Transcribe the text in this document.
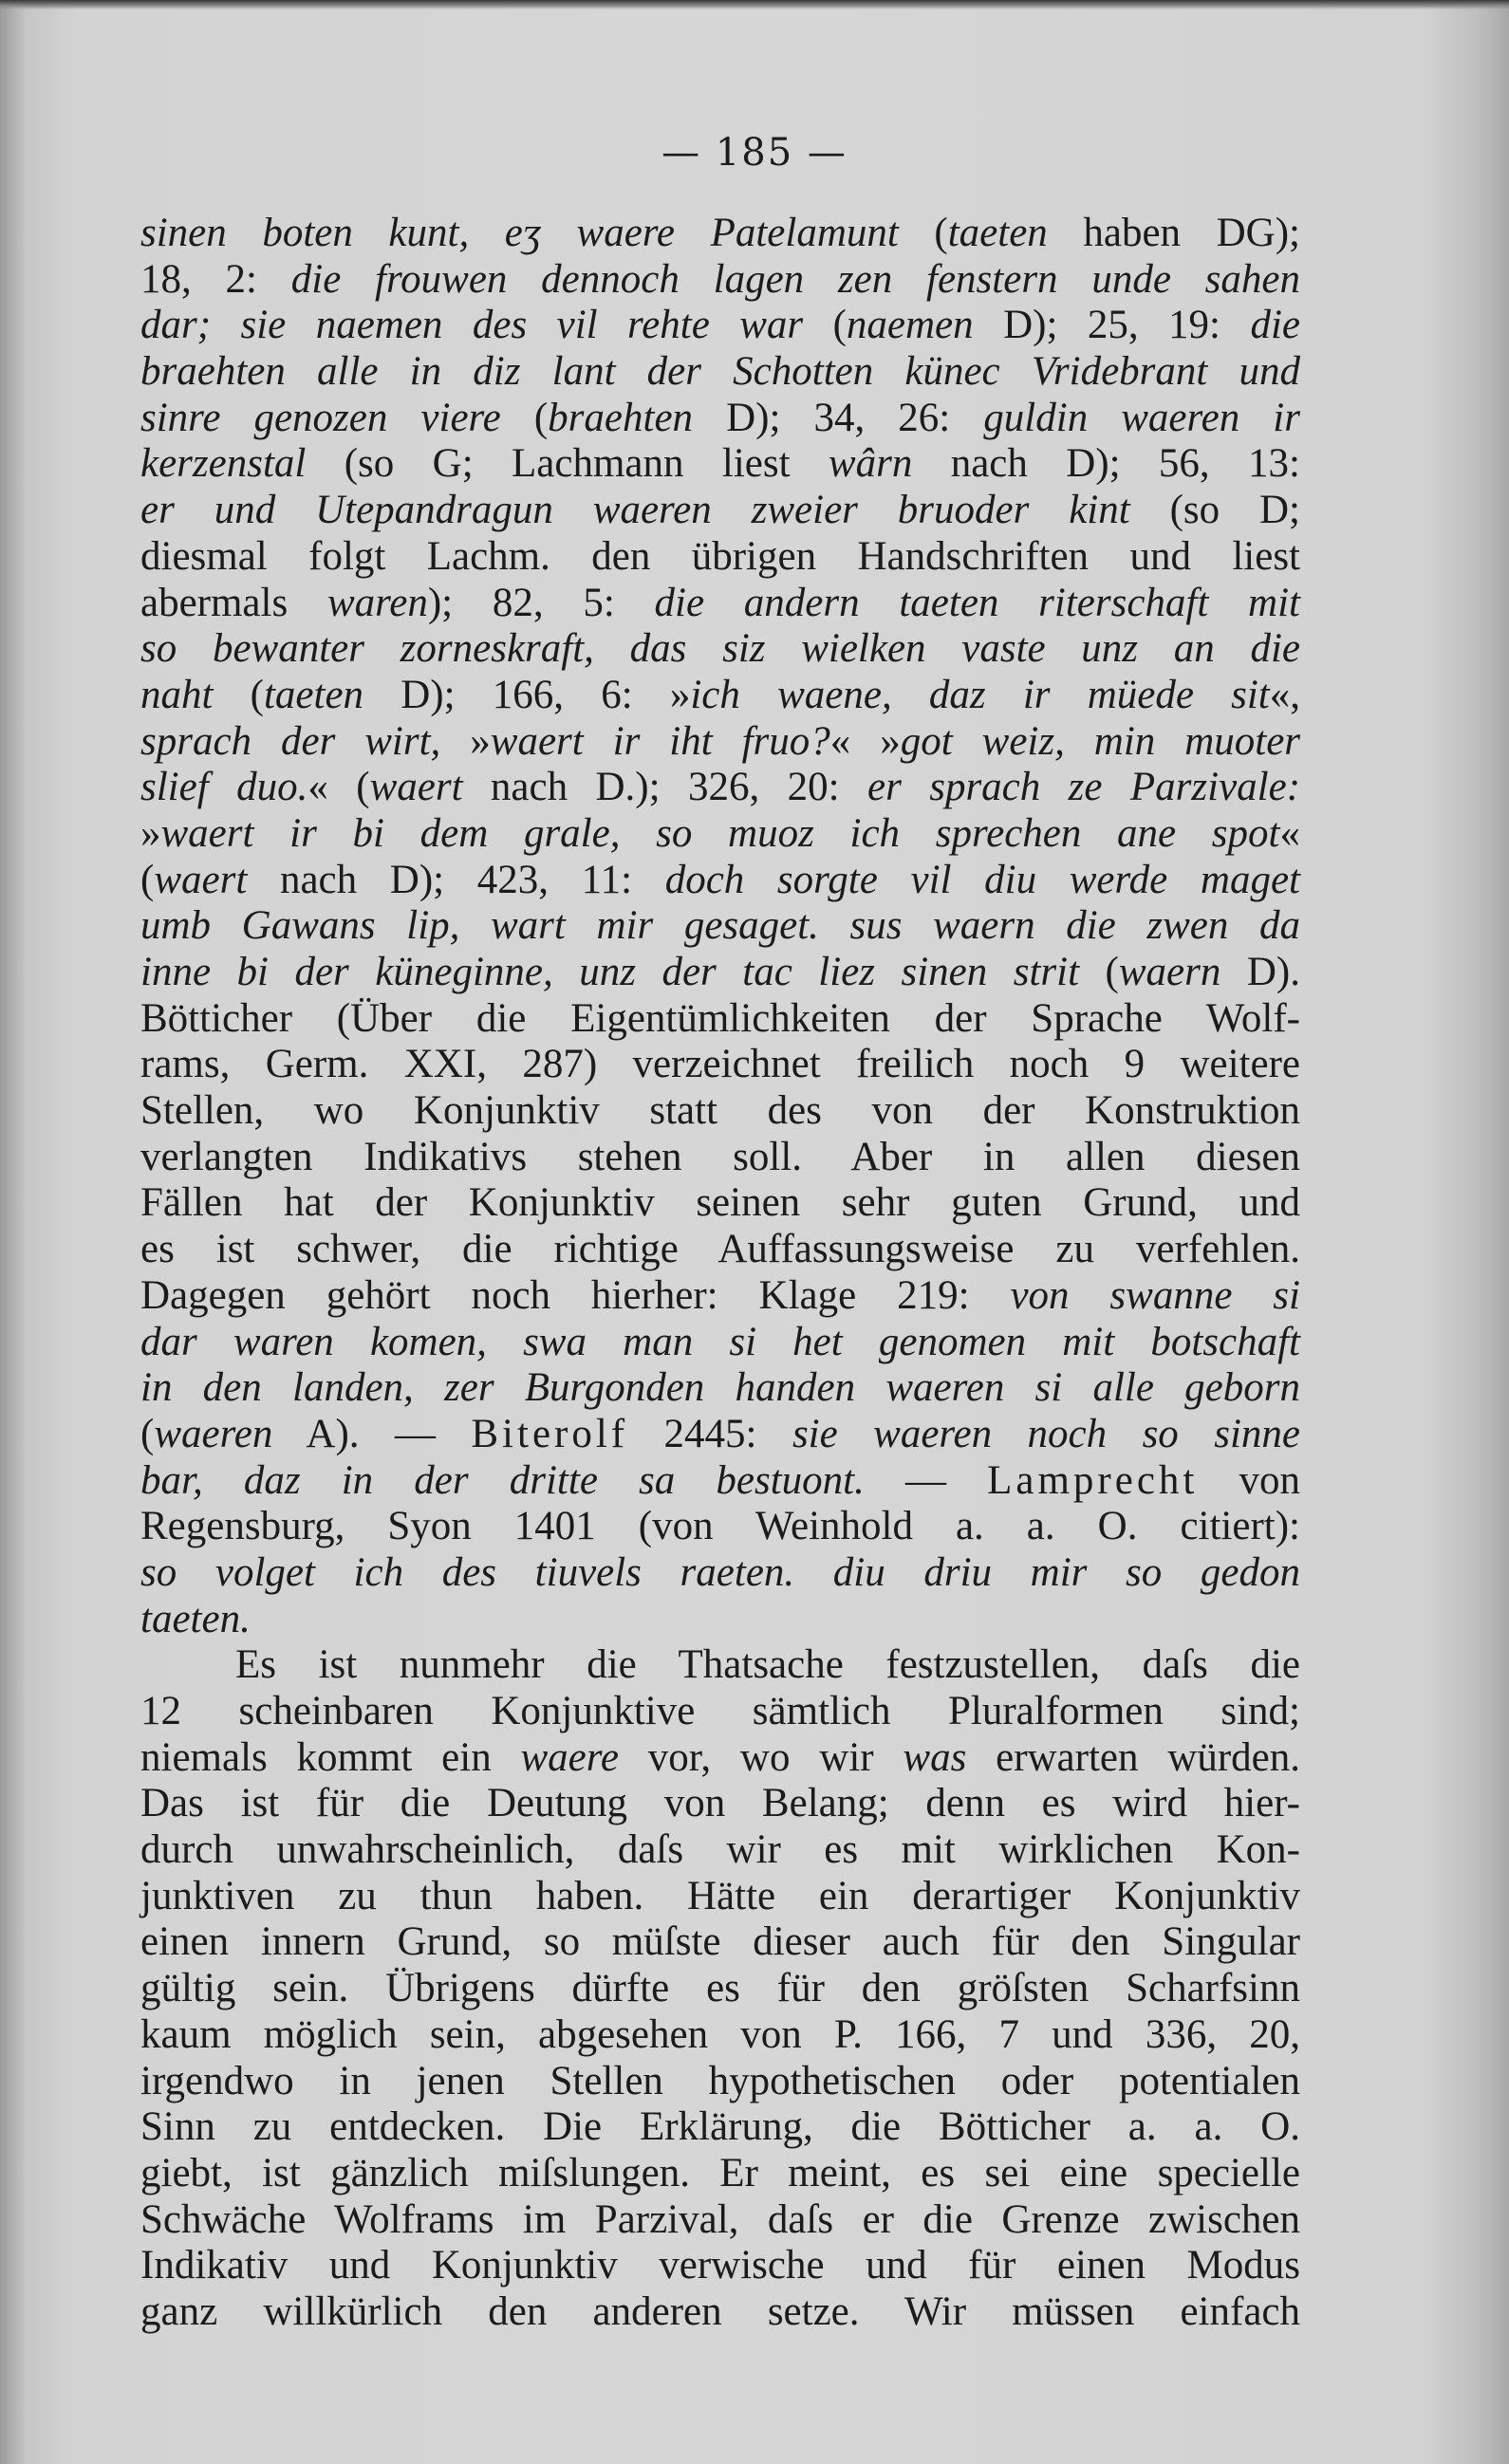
— 185 —
sinen boten kunt, eʒ waere Patelamunt (taeten haben DG);
18, 2: die frouwen dennoch lagen zen fenstern unde sahen
dar; sie naemen des vil rehte war (naemen D); 25, 19: die
braehten alle in diz lant der Schotten künec Vridebrant und
sinre genozen viere (braehten D); 34, 26: guldin waeren ir
kerzenstal (so G; Lachmann liest wârn nach D); 56, 13:
er und Utepandragun waeren zweier bruoder kint (so D;
diesmal folgt Lachm. den übrigen Handschriften und liest
abermals waren); 82, 5: die andern taeten riterschaft mit
so bewanter zorneskraft, das siz wielken vaste unz an die
naht (taeten D); 166, 6: »ich waene, daz ir müede sit«,
sprach der wirt, »waert ir iht fruo?« »got weiz, min muoter
slief duo.« (waert nach D.); 326, 20: er sprach ze Parzivale:
»waert ir bi dem grale, so muoz ich sprechen ane spot«
(waert nach D); 423, 11: doch sorgte vil diu werde maget
umb Gawans lip, wart mir gesaget. sus waern die zwen da
inne bi der küneginne, unz der tac liez sinen strit (waern D).
Bötticher (Über die Eigentümlichkeiten der Sprache Wolf-
rams, Germ. XXI, 287) verzeichnet freilich noch 9 weitere
Stellen, wo Konjunktiv statt des von der Konstruktion
verlangten Indikativs stehen soll. Aber in allen diesen
Fällen hat der Konjunktiv seinen sehr guten Grund, und
es ist schwer, die richtige Auffassungsweise zu verfehlen.
Dagegen gehört noch hierher: Klage 219: von swanne si
dar waren komen, swa man si het genomen mit botschaft
in den landen, zer Burgonden handen waeren si alle geborn
(waeren A). — Biterolf 2445: sie waeren noch so sinne
bar, daz in der dritte sa bestuont. — Lamprecht von
Regensburg, Syon 1401 (von Weinhold a. a. O. citiert):
so volget ich des tiuvels raeten. diu driu mir so gedon
taeten.
Es ist nunmehr die Thatsache festzustellen, daſs die
12 scheinbaren Konjunktive sämtlich Pluralformen sind;
niemals kommt ein waere vor, wo wir was erwarten würden.
Das ist für die Deutung von Belang; denn es wird hier-
durch unwahrscheinlich, daſs wir es mit wirklichen Kon-
junktiven zu thun haben. Hätte ein derartiger Konjunktiv
einen innern Grund, so müſste dieser auch für den Singular
gültig sein. Übrigens dürfte es für den gröſsten Scharfsinn
kaum möglich sein, abgesehen von P. 166, 7 und 336, 20,
irgendwo in jenen Stellen hypothetischen oder potentialen
Sinn zu entdecken. Die Erklärung, die Bötticher a. a. O.
giebt, ist gänzlich miſslungen. Er meint, es sei eine specielle
Schwäche Wolframs im Parzival, daſs er die Grenze zwischen
Indikativ und Konjunktiv verwische und für einen Modus
ganz willkürlich den anderen setze. Wir müssen einfach
